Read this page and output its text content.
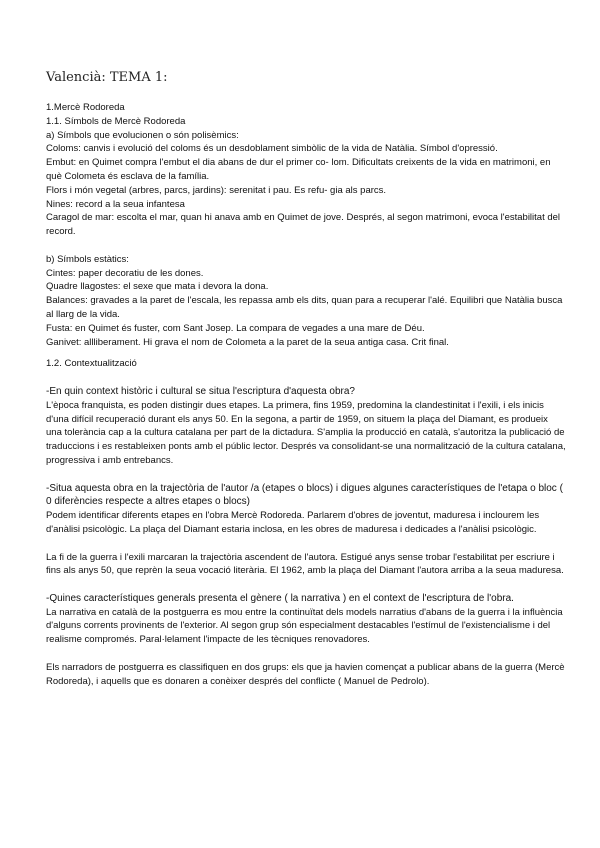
Valencià: TEMA 1:

1.Mercè Rodoreda

1.1. Símbols de Mercè Rodoreda

a) Símbols que evolucionen o són polisèmics:

Coloms: canvis i evolució del coloms és un desdoblament simbòlic de la vida de Natàlia. Símbol d'opressió.

Embut: en Quimet compra l'embut el dia abans de dur el primer co- lom. Dificultats creixents de la vida en matrimoni, en què Colometa és esclava de la família.

Flors i món vegetal (arbres, parcs, jardins): serenitat i pau. Es refu- gia als parcs.

Nines: record a la seua infantesa

Caragol de mar: escolta el mar, quan hi anava amb en Quimet de jove. Després, al segon matrimoni, evoca l'estabilitat del record.

b) Símbols estàtics:

Cintes: paper decoratiu de les dones.

Quadre llagostes: el sexe que mata i devora la dona.

Balances: gravades a la paret de l'escala, les repassa amb els dits, quan para a recuperar l'alé. Equilibri que Natàlia busca al llarg de la vida.

Fusta: en Quimet és fuster, com Sant Josep. La compara de vegades a una mare de Déu.

Ganivet: allliberament. Hi grava el nom de Colometa a la paret de la seua antiga casa. Crit final.

1.2. Contextualització

-En quin context històric i cultural se situa l'escriptura d'aquesta obra?

L'època franquista, es poden distingir dues etapes. La primera, fins 1959, predomina la clandestinitat i l'exili, i els inicis d'una difícil recuperació durant els anys 50. En la segona, a partir de 1959, on situem la plaça del Diamant, es produeix una tolerància cap a la cultura catalana per part de la dictadura. S'amplia la producció en català, s'autoritza la publicació de traduccions i es restableixen ponts amb el públic lector. Després va consolidant-se una normalització de la cultura catalana, progressiva i amb entrebancs.

-Situa aquesta obra en la trajectòria de l'autor /a (etapes o blocs) i digues algunes característiques de l'etapa o bloc ( 0 diferències respecte a altres etapes o blocs)

Podem identificar diferents etapes en l'obra Mercè Rodoreda. Parlarem d'obres de joventut, maduresa i inclourem les d'anàlisi psicològic. La plaça del Diamant estaria inclosa, en les obres de maduresa i dedicades a l'anàlisi psicològic.

La fi de la guerra i l'exili marcaran la trajectòria ascendent de l'autora. Estigué anys sense trobar l'estabilitat per escriure i fins als anys 50, que reprèn la seua vocació literària. El 1962, amb la plaça del Diamant l'autora arriba a la seua maduresa.

-Quines característiques generals presenta el gènere ( la narrativa ) en el context de l'escriptura de l'obra.

La narrativa en català de la postguerra es mou entre la continuïtat dels models narratius d'abans de la guerra i la influència d'alguns corrents provinents de l'exterior. Al segon grup són especialment destacables l'estímul de l'existencialisme i del realisme compromés. Paral·lelament l'impacte de les tècniques renovadores.

Els narradors de postguerra es classifiquen en dos grups: els que ja havien començat a publicar abans de la guerra (Mercè Rodoreda), i aquells que es donaren a conèixer després del conflicte ( Manuel de Pedrolo).
